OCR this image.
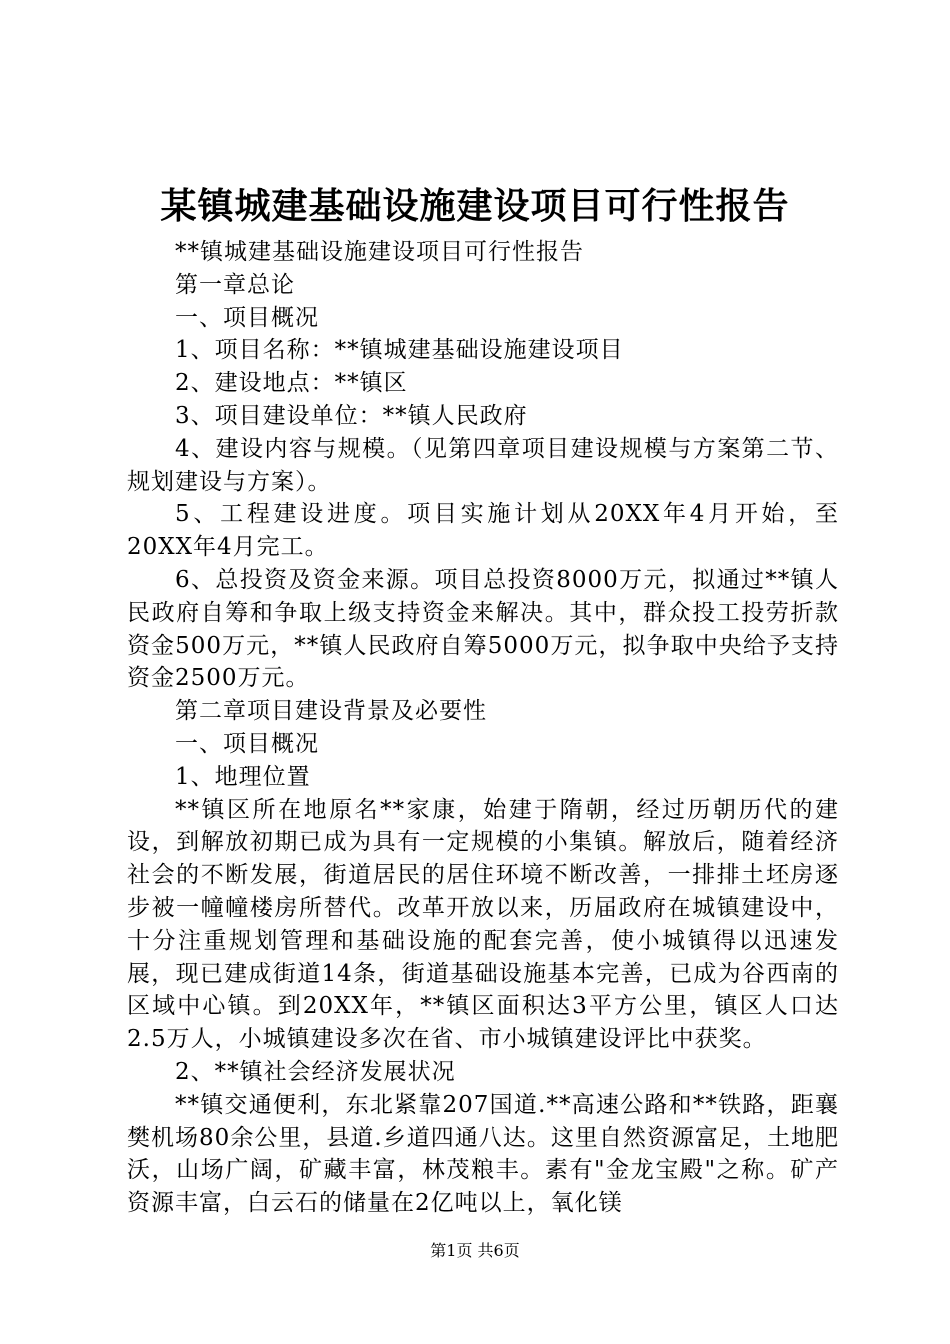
某镇城建基础设施建设项目可行性报告

**镇城建基础设施建设项目可行性报告

第一章总论

一、项目概况

1、项目名称：**镇城建基础设施建设项目

2、建设地点：**镇区

3、项目建设单位：**镇人民政府

4、建设内容与规模。（见第四章项目建设规模与方案第二节、规划建设与方案）。

5、工程建设进度。项目实施计划从20XX年4月开始，至20XX年4月完工。

6、总投资及资金来源。项目总投资8000万元，拟通过**镇人民政府自筹和争取上级支持资金来解决。其中，群众投工投劳折款资金500万元，**镇人民政府自筹5000万元，拟争取中央给予支持资金2500万元。

第二章项目建设背景及必要性

一、项目概况

1、地理位置

**镇区所在地原名**家康，始建于隋朝，经过历朝历代的建设，到解放初期已成为具有一定规模的小集镇。解放后，随着经济社会的不断发展，街道居民的居住环境不断改善，一排排土坯房逐步被一幢幢楼房所替代。改革开放以来，历届政府在城镇建设中，十分注重规划管理和基础设施的配套完善，使小城镇得以迅速发展，现已建成街道14条，街道基础设施基本完善，已成为谷西南的区域中心镇。到20XX年，**镇区面积达3平方公里，镇区人口达2.5万人，小城镇建设多次在省、市小城镇建设评比中获奖。

2、**镇社会经济发展状况

**镇交通便利，东北紧靠207国道.**高速公路和**铁路，距襄樊机场80余公里，县道.乡道四通八达。这里自然资源富足，土地肥沃，山场广阔，矿藏丰富，林茂粮丰。素有"金龙宝殿"之称。矿产资源丰富，白云石的储量在2亿吨以上，氧化镁

第1页 共6页
